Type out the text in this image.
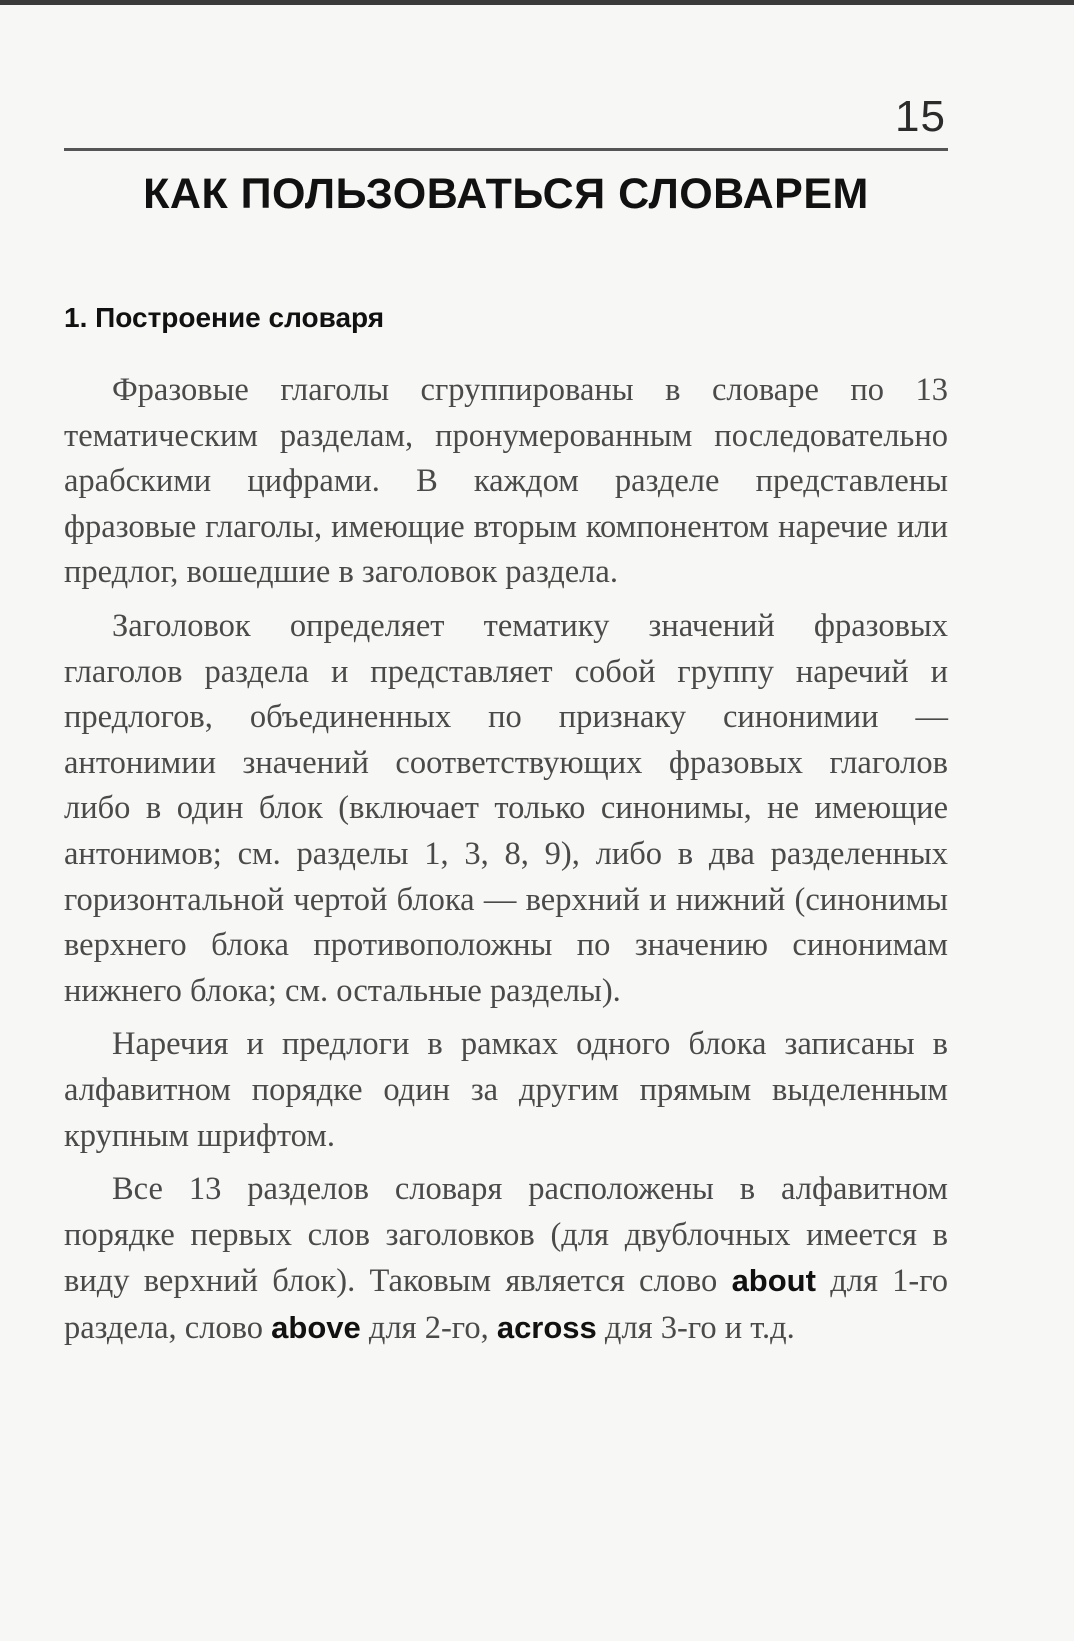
15
КАК ПОЛЬЗОВАТЬСЯ СЛОВАРЕМ
1. Построение словаря

Фразовые глаголы сгруппированы в словаре по 13 тематическим разделам, пронумерованным последовательно арабскими цифрами. В каждом разделе представлены фразовые глаголы, имеющие вторым компонентом наречие или предлог, вошедшие в заголовок раздела.

Заголовок определяет тематику значений фразовых глаголов раздела и представляет собой группу наречий и предлогов, объединенных по признаку синонимии — антонимии значений соответствующих фразовых глаголов либо в один блок (включает только синонимы, не имеющие антонимов; см. разделы 1, 3, 8, 9), либо в два разделенных горизонтальной чертой блока — верхний и нижний (синонимы верхнего блока противоположны по значению синонимам нижнего блока; см. остальные разделы).

Наречия и предлоги в рамках одного блока записаны в алфавитном порядке один за другим прямым выделенным крупным шрифтом.

Все 13 разделов словаря расположены в алфавитном порядке первых слов заголовков (для двублочных имеется в виду верхний блок). Таковым является слово about для 1-го раздела, слово above для 2-го, across для 3-го и т.д.
